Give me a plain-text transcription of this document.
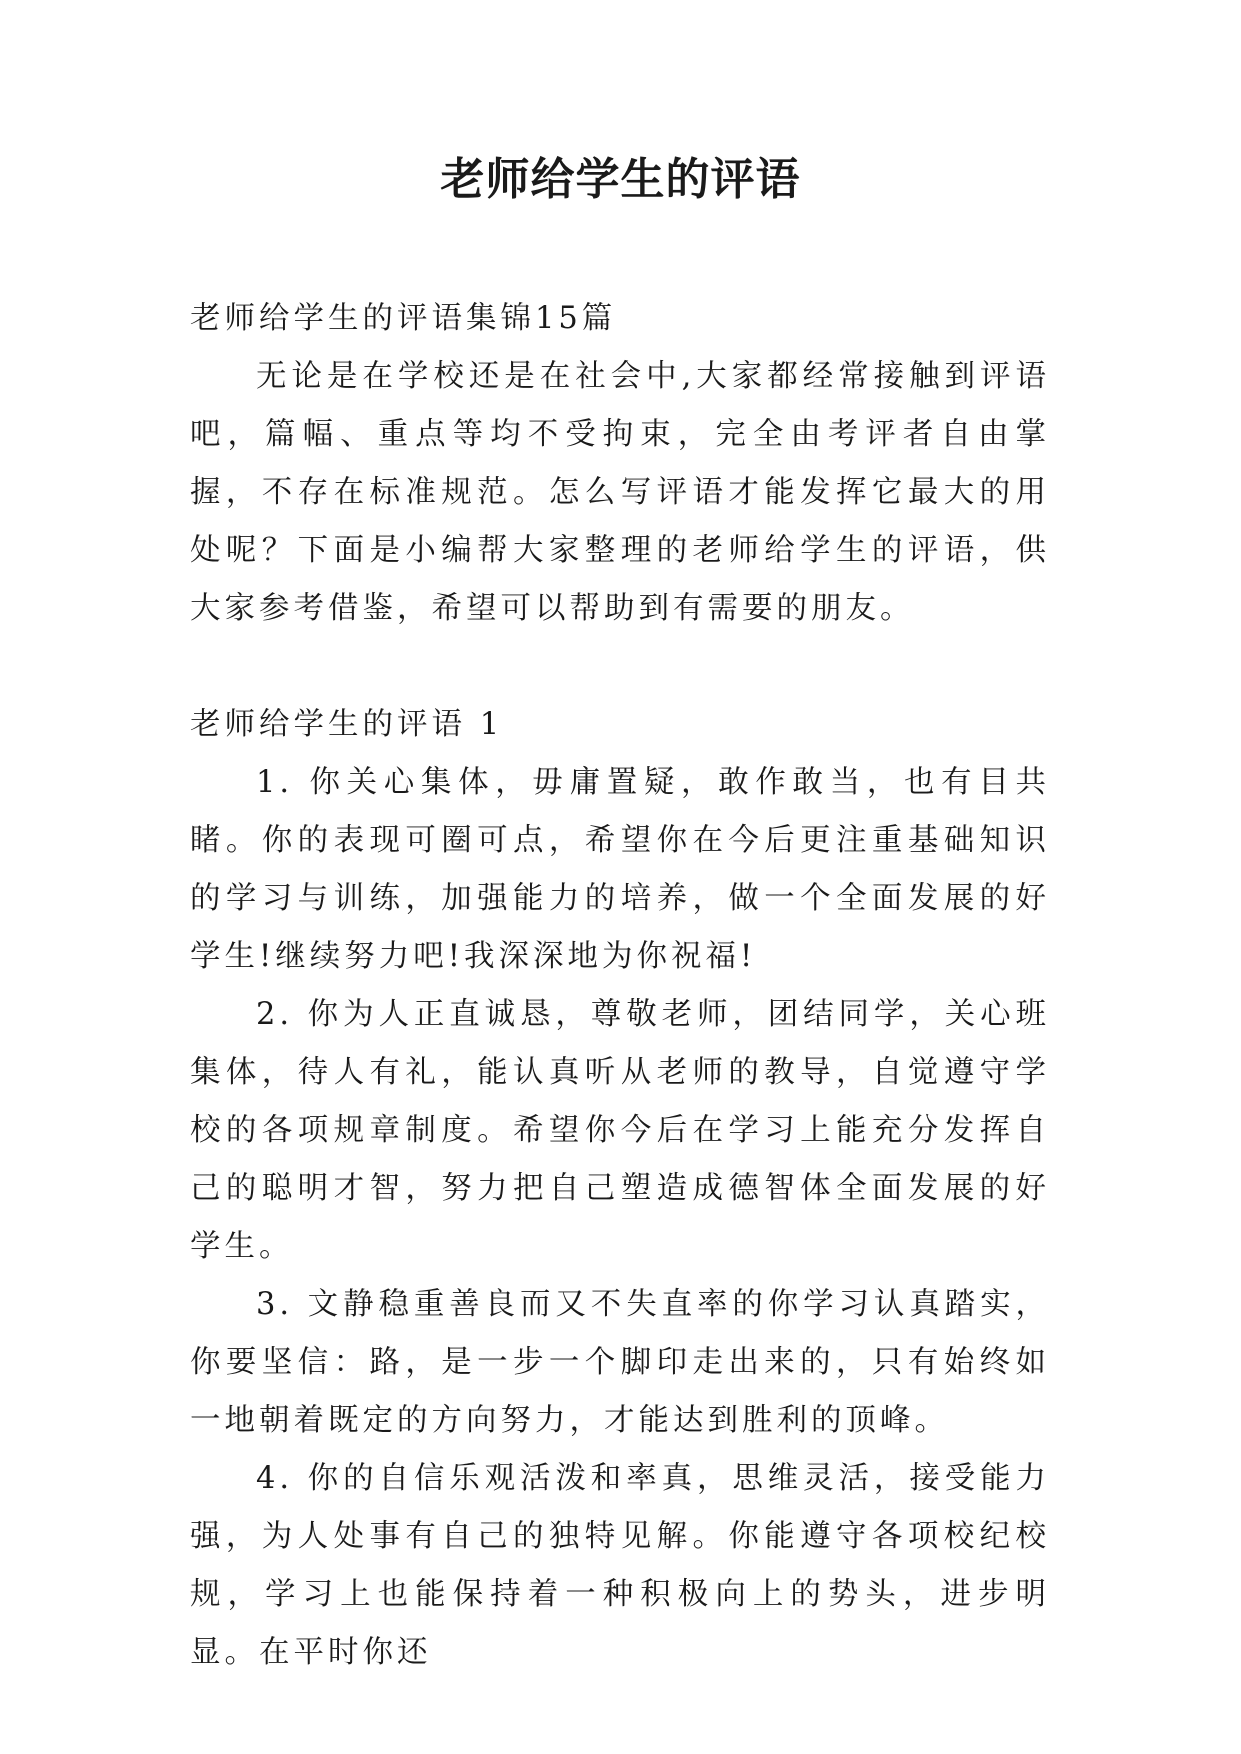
老师给学生的评语

老师给学生的评语集锦15篇

无论是在学校还是在社会中,大家都经常接触到评语吧，篇幅、重点等均不受拘束，完全由考评者自由掌握，不存在标准规范。怎么写评语才能发挥它最大的用处呢？下面是小编帮大家整理的老师给学生的评语，供大家参考借鉴，希望可以帮助到有需要的朋友。

老师给学生的评语 1

1. 你关心集体，毋庸置疑，敢作敢当，也有目共睹。你的表现可圈可点，希望你在今后更注重基础知识的学习与训练，加强能力的培养，做一个全面发展的好学生!继续努力吧!我深深地为你祝福!

2. 你为人正直诚恳，尊敬老师，团结同学，关心班集体，待人有礼，能认真听从老师的教导，自觉遵守学校的各项规章制度。希望你今后在学习上能充分发挥自己的聪明才智，努力把自己塑造成德智体全面发展的好学生。

3. 文静稳重善良而又不失直率的你学习认真踏实，你要坚信：路，是一步一个脚印走出来的，只有始终如一地朝着既定的方向努力，才能达到胜利的顶峰。

4. 你的自信乐观活泼和率真，思维灵活，接受能力强，为人处事有自己的独特见解。你能遵守各项校纪校规，学习上也能保持着一种积极向上的势头，进步明显。在平时你还
